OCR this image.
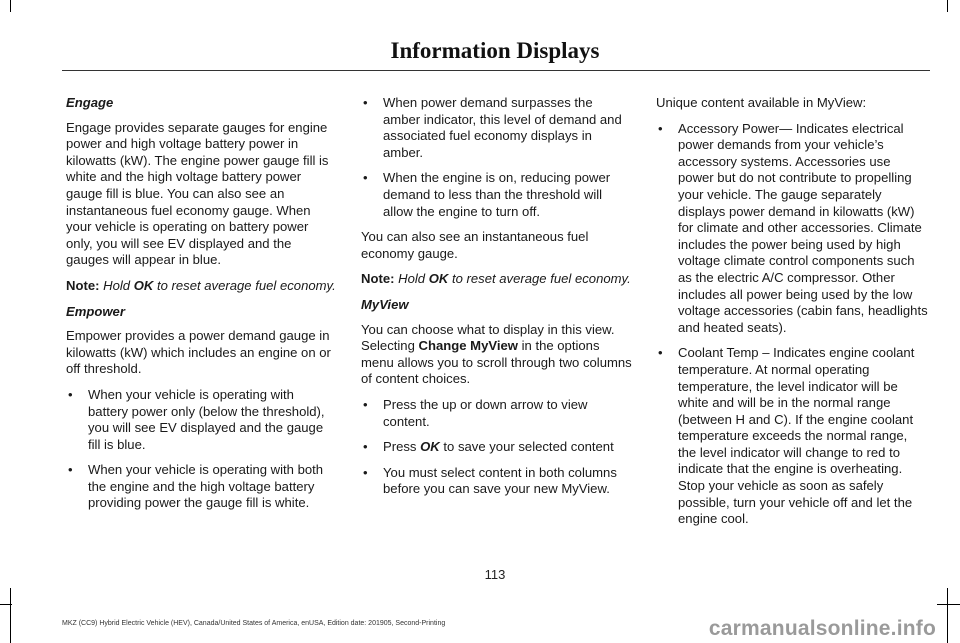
Information Displays

Engage

Engage provides separate gauges for engine power and high voltage battery power in kilowatts (kW). The engine power gauge fill is white and the high voltage battery power gauge fill is blue. You can also see an instantaneous fuel economy gauge. When your vehicle is operating on battery power only, you will see EV displayed and the gauges will appear in blue.

Note: Hold OK to reset average fuel economy.

Empower

Empower provides a power demand gauge in kilowatts (kW) which includes an engine on or off threshold.

• When your vehicle is operating with battery power only (below the threshold), you will see EV displayed and the gauge fill is blue.
• When your vehicle is operating with both the engine and the high voltage battery providing power the gauge fill is white.
• When power demand surpasses the amber indicator, this level of demand and associated fuel economy displays in amber.
• When the engine is on, reducing power demand to less than the threshold will allow the engine to turn off.

You can also see an instantaneous fuel economy gauge.

Note: Hold OK to reset average fuel economy.

MyView

You can choose what to display in this view. Selecting Change MyView in the options menu allows you to scroll through two columns of content choices.

• Press the up or down arrow to view content.
• Press OK to save your selected content
• You must select content in both columns before you can save your new MyView.

Unique content available in MyView:

• Accessory Power— Indicates electrical power demands from your vehicle’s accessory systems. Accessories use power but do not contribute to propelling your vehicle. The gauge separately displays power demand in kilowatts (kW) for climate and other accessories. Climate includes the power being used by high voltage climate control components such as the electric A/C compressor. Other includes all power being used by the low voltage accessories (cabin fans, headlights and heated seats).
• Coolant Temp – Indicates engine coolant temperature. At normal operating temperature, the level indicator will be white and will be in the normal range (between H and C). If the engine coolant temperature exceeds the normal range, the level indicator will change to red to indicate that the engine is overheating. Stop your vehicle as soon as safely possible, turn your vehicle off and let the engine cool.
113
MKZ (CC9) Hybrid Electric Vehicle (HEV), Canada/United States of America, enUSA, Edition date: 201905, Second-Printing	carmanualsonline.info
